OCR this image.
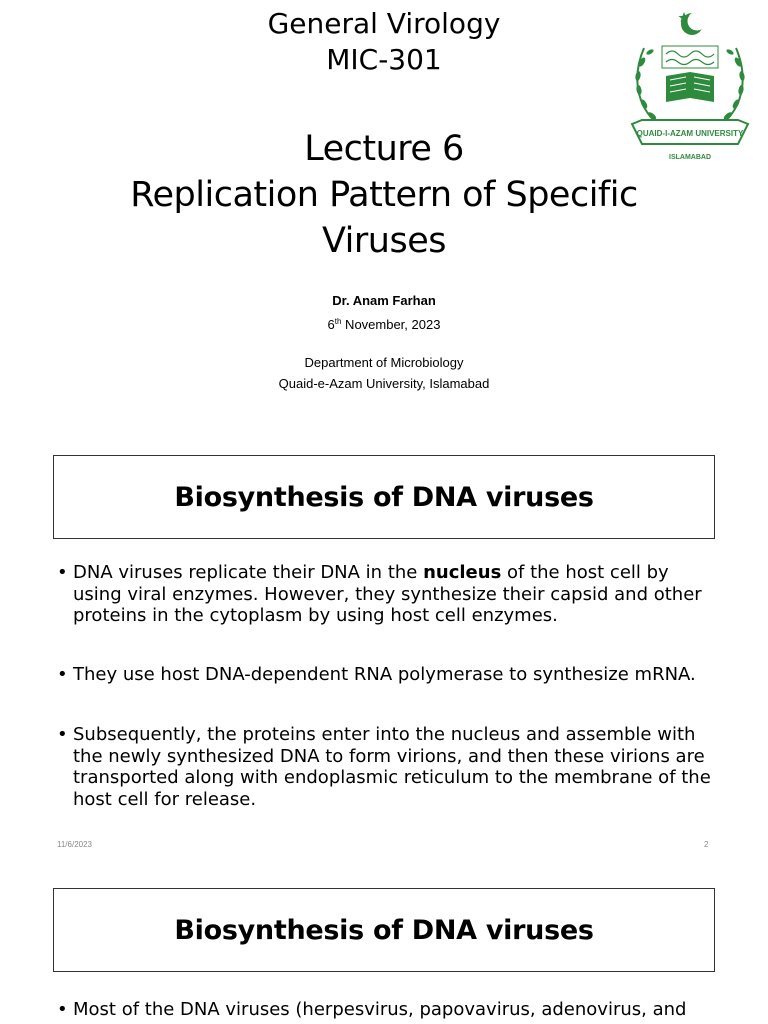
General Virology
MIC-301
Lecture 6
Replication Pattern of Specific Viruses
Dr. Anam Farhan
6th November, 2023
Department of Microbiology
Quaid-e-Azam University, Islamabad
QUAID-I-AZAM UNIVERSITY
ISLAMABAD
Biosynthesis of DNA viruses
• DNA viruses replicate their DNA in the nucleus of the host cell by using viral enzymes. However, they synthesize their capsid and other proteins in the cytoplasm by using host cell enzymes.
• They use host DNA-dependent RNA polymerase to synthesize mRNA.
• Subsequently, the proteins enter into the nucleus and assemble with the newly synthesized DNA to form virions, and then these virions are transported along with endoplasmic reticulum to the membrane of the host cell for release.
11/6/2023	2
Biosynthesis of DNA viruses
• Most of the DNA viruses (herpesvirus, papovavirus, adenovirus, and
